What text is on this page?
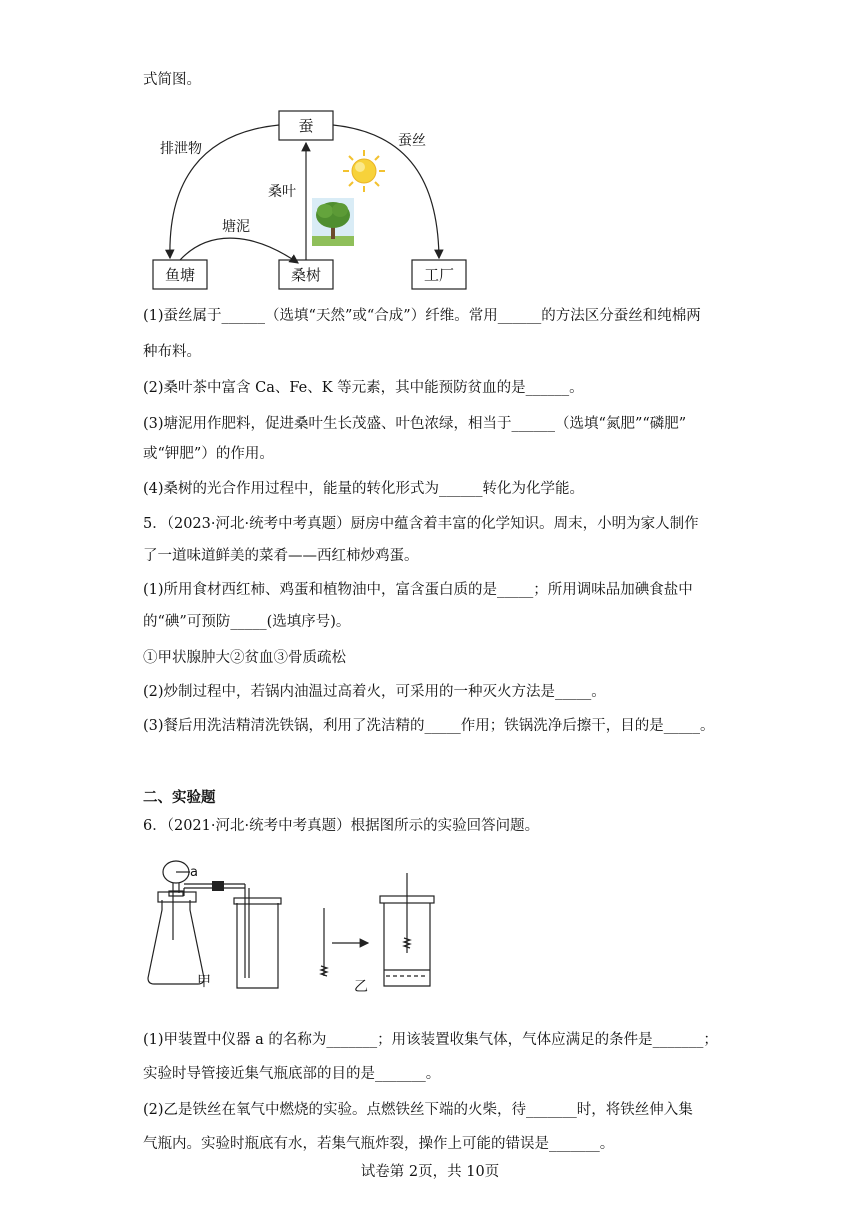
式简图。
蚕
鱼塘	桑树	工厂
排泄物	蚕丝
桑叶
塘泥
(1)蚕丝属于______（选填“天然”或“合成”）纤维。常用______的方法区分蚕丝和纯棉两
种布料。
(2)桑叶茶中富含 Ca、Fe、K 等元素，其中能预防贫血的是______。
(3)塘泥用作肥料，促进桑叶生长茂盛、叶色浓绿，相当于______（选填“氮肥”“磷肥”
或“钾肥”）的作用。
(4)桑树的光合作用过程中，能量的转化形式为______转化为化学能。
5．（2023·河北·统考中考真题）厨房中蕴含着丰富的化学知识。周末，小明为家人制作
了一道味道鲜美的菜肴——西红柿炒鸡蛋。
(1)所用食材西红柿、鸡蛋和植物油中，富含蛋白质的是_____；所用调味品加碘食盐中
的“碘”可预防_____(选填序号)。
①甲状腺肿大②贫血③骨质疏松
(2)炒制过程中，若锅内油温过高着火，可采用的一种灭火方法是_____。
(3)餐后用洗洁精清洗铁锅，利用了洗洁精的_____作用；铁锅洗净后擦干，目的是_____。
二、实验题
6．（2021·河北·统考中考真题）根据图所示的实验回答问题。
a
甲	乙
(1)甲装置中仪器 a 的名称为_______；用该装置收集气体，气体应满足的条件是_______；
实验时导管接近集气瓶底部的目的是_______。
(2)乙是铁丝在氧气中燃烧的实验。点燃铁丝下端的火柴，待_______时，将铁丝伸入集
气瓶内。实验时瓶底有水，若集气瓶炸裂，操作上可能的错误是_______。
试卷第 2页，共 10页
